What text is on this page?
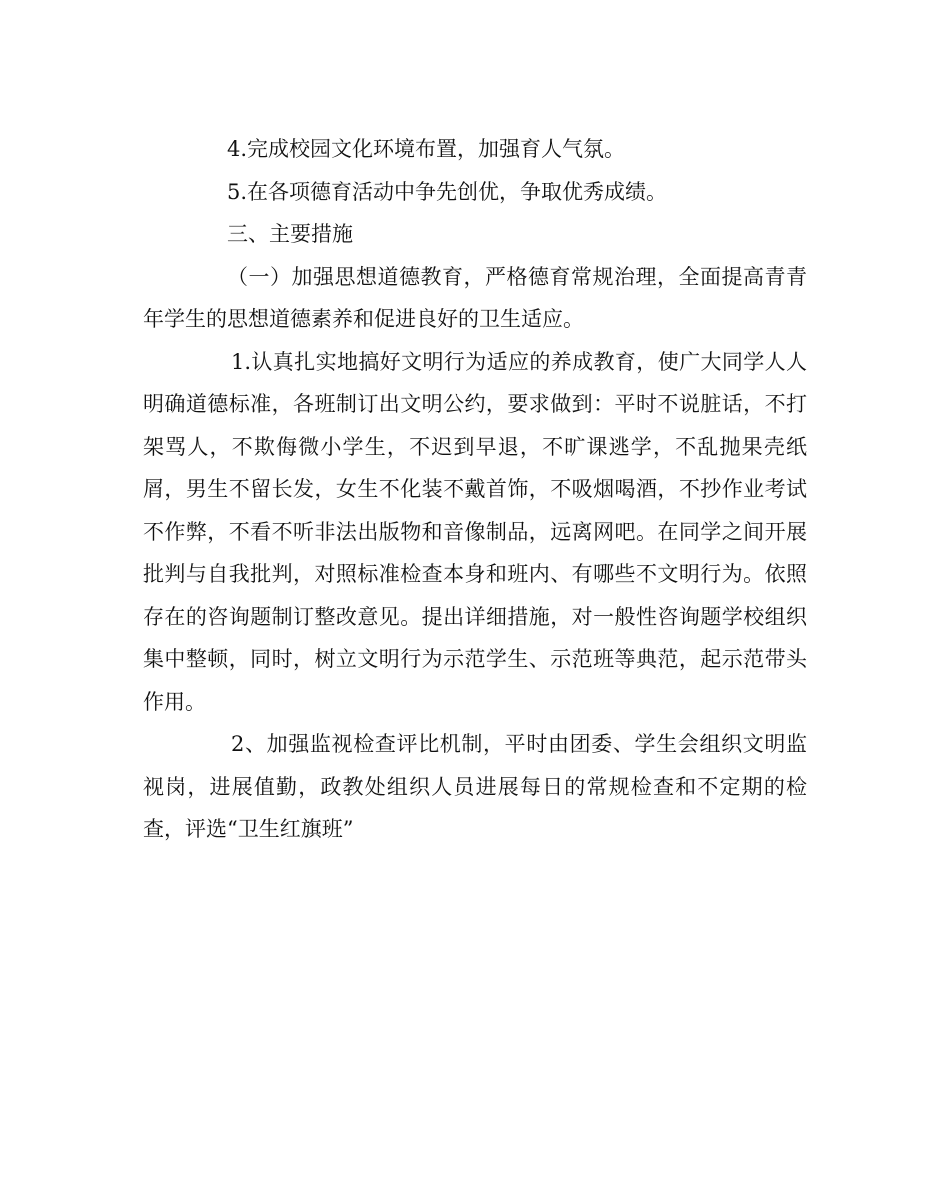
4.完成校园文化环境布置，加强育人气氛。

5.在各项德育活动中争先创优，争取优秀成绩。

三、主要措施

（一）加强思想道德教育，严格德育常规治理，全面提高青青年学生的思想道德素养和促进良好的卫生适应。

1.认真扎实地搞好文明行为适应的养成教育，使广大同学人人明确道德标准，各班制订出文明公约，要求做到：平时不说脏话，不打架骂人，不欺侮微小学生，不迟到早退，不旷课逃学，不乱抛果壳纸屑，男生不留长发，女生不化装不戴首饰，不吸烟喝酒，不抄作业考试不作弊，不看不听非法出版物和音像制品，远离网吧。在同学之间开展批判与自我批判，对照标准检查本身和班内、有哪些不文明行为。依照存在的咨询题制订整改意见。提出详细措施，对一般性咨询题学校组织集中整顿，同时，树立文明行为示范学生、示范班等典范，起示范带头作用。

2、加强监视检查评比机制，平时由团委、学生会组织文明监视岗，进展值勤，政教处组织人员进展每日的常规检查和不定期的检查，评选“卫生红旗班”
